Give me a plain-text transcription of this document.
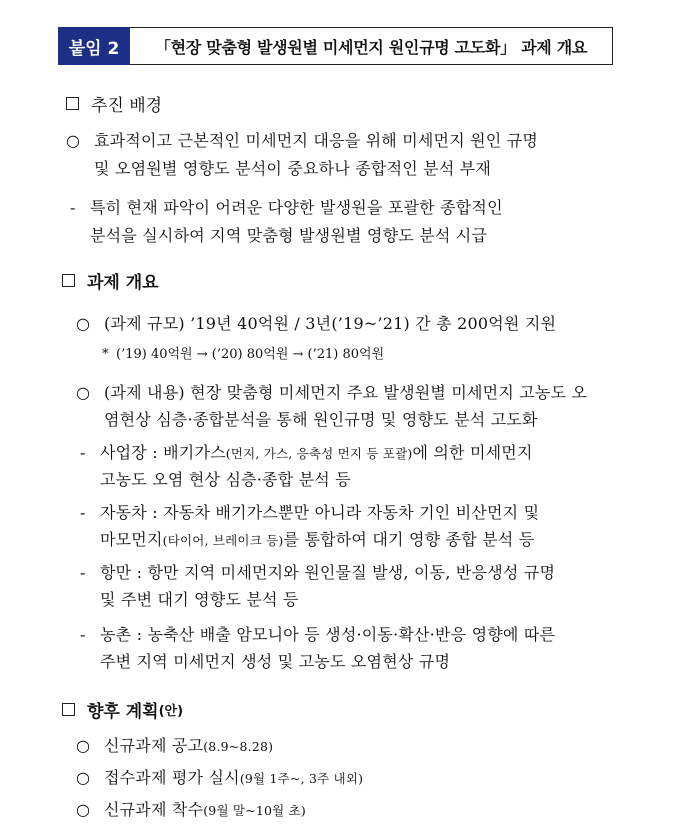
붙임 2	「현장 맞춤형 발생원별 미세먼지 원인규명 고도화」 과제 개요
추진 배경
○ 효과적이고 근본적인 미세먼지 대응을 위해 미세먼지 원인 규명
및 오염원별 영향도 분석이 중요하나 종합적인 분석 부재
- 특히 현재 파악이 어려운 다양한 발생원을 포괄한 종합적인
분석을 실시하여 지역 맞춤형 발생원별 영향도 분석 시급
과제 개요
○ (과제 규모) ’19년 40억원 / 3년(’19~’21) 간 총 200억원 지원
* (’19) 40억원 → (’20) 80억원 → (’21) 80억원
○ (과제 내용) 현장 맞춤형 미세먼지 주요 발생원별 미세먼지 고농도 오
염현상 심층·종합분석을 통해 원인규명 및 영향도 분석 고도화
- 사업장 : 배기가스(먼지, 가스, 응축성 먼지 등 포괄)에 의한 미세먼지
고농도 오염 현상 심층·종합 분석 등
- 자동차 : 자동차 배기가스뿐만 아니라 자동차 기인 비산먼지 및
마모먼지(타이어, 브레이크 등)를 통합하여 대기 영향 종합 분석 등
- 항만 : 항만 지역 미세먼지와 원인물질 발생, 이동, 반응생성 규명
및 주변 대기 영향도 분석 등
- 농촌 : 농축산 배출 암모니아 등 생성·이동·확산·반응 영향에 따른
주변 지역 미세먼지 생성 및 고농도 오염현상 규명
향후 계획 (안)
○ 신규과제 공고(8.9~8.28)
○ 접수과제 평가 실시(9월 1주~, 3주 내외)
○ 신규과제 착수(9월 말~10월 초)
